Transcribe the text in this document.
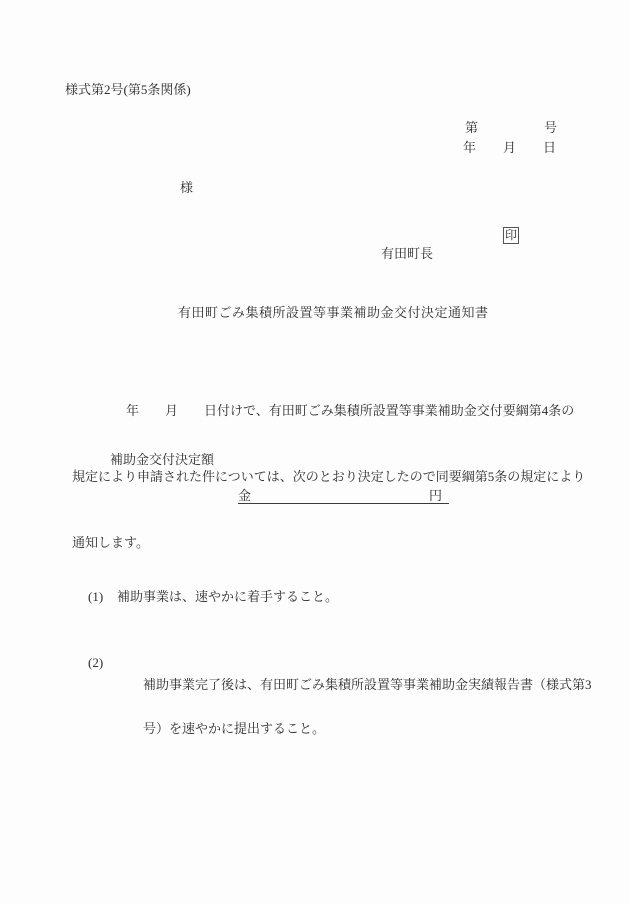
様式第2号(第5条関係)
第	号
年 月 日
様

有田町長

印

有田町ごみ集積所設置等事業補助金交付決定通知書

年　　月　　日付けで、有田町ごみ集積所設置等事業補助金交付要綱第4条の

規定により申請された件については、次のとおり決定したので同要綱第5条の規定により

通知します。

補助金交付決定額
金	円

(1)	補助事業は、速やかに着手すること。

(2)

補助事業完了後は、有田町ごみ集積所設置等事業補助金実績報告書（様式第3

号）を速やかに提出すること。
